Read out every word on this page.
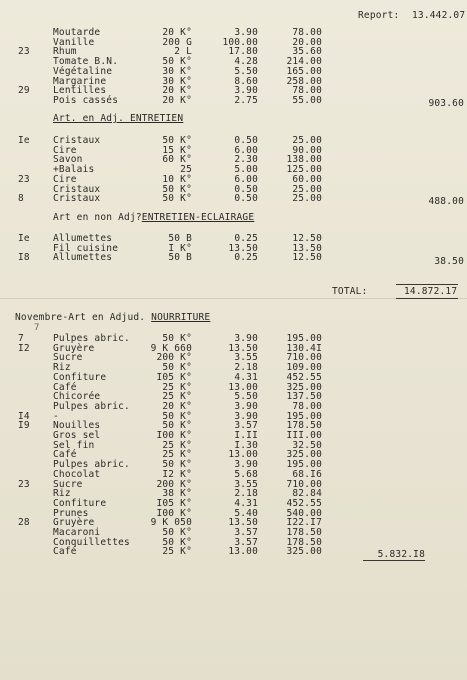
Report: 13.442.07
Moutarde	20 K°	3.90	78.00
Vanille	200 G	100.00	20.00
23	Rhum	2 L	17.80	35.60
Tomate B.N.	50 K°	4.28	214.00
Végétaline	30 K°	5.50	165.00
Margarine	30 K°	8.60	258.00
29	Lentilles	20 K°	3.90	78.00
Pois cassés	20 K°	2.75	55.00	903.60
Art. en Adj. ENTRETIEN
Ie	Cristaux	50 K°	0.50	25.00
Cire	15 K°	6.00	90.00
Savon	60 K°	2.30	138.00
+Balais	25	5.00	125.00
23	Cire	10 K°	6.00	60.00
Cristaux	50 K°	0.50	25.00
8	Cristaux	50 K°	0.50	25.00	488.00
Art en non Adj?ENTRETIEN-ECLAIRAGE
Ie	Allumettes	50 B	0.25	12.50
Fil cuisine	I K°	13.50	13.50
I8	Allumettes	50 B	0.25	12.50	38.50
TOTAL:	14.872.17
Novembre-Art en Adjud. NOURRITURE
7
7	Pulpes abric.	50 K°	3.90	195.00
I2	Gruyère	9 K 660	13.50	130.4I
Sucre	200 K°	3.55	710.00
Riz	50 K°	2.18	109.00
Confiture	I05 K°	4.31	452.55
Café	25 K°	13.00	325.00
Chicorée	25 K°	5.50	137.50
Pulpes abric.	20 K°	3.90	78.00
I4	-	50 K°	3.90	195.00
I9	Nouilles	50 K°	3.57	178.50
Gros sel	I00 K°	I.II	III.00
Sel fin	25 K°	I.30	32.50
Café	25 K°	13.00	325.00
Pulpes abric.	50 K°	3.90	195.00
Chocolat	I2 K°	5.68	68.I6
23	Sucre	200 K°	3.55	710.00
Riz	38 K°	2.18	82.84
Confiture	I05 K°	4.31	452.55
Prunes	I00 K°	5.40	540.00
28	Gruyère	9 K 050	13.50	I22.I7
Macaroni	50 K°	3.57	178.50
Conquillettes	50 K°	3.57	178.50
Café	25 K°	13.00	325.00	5.832.I8
